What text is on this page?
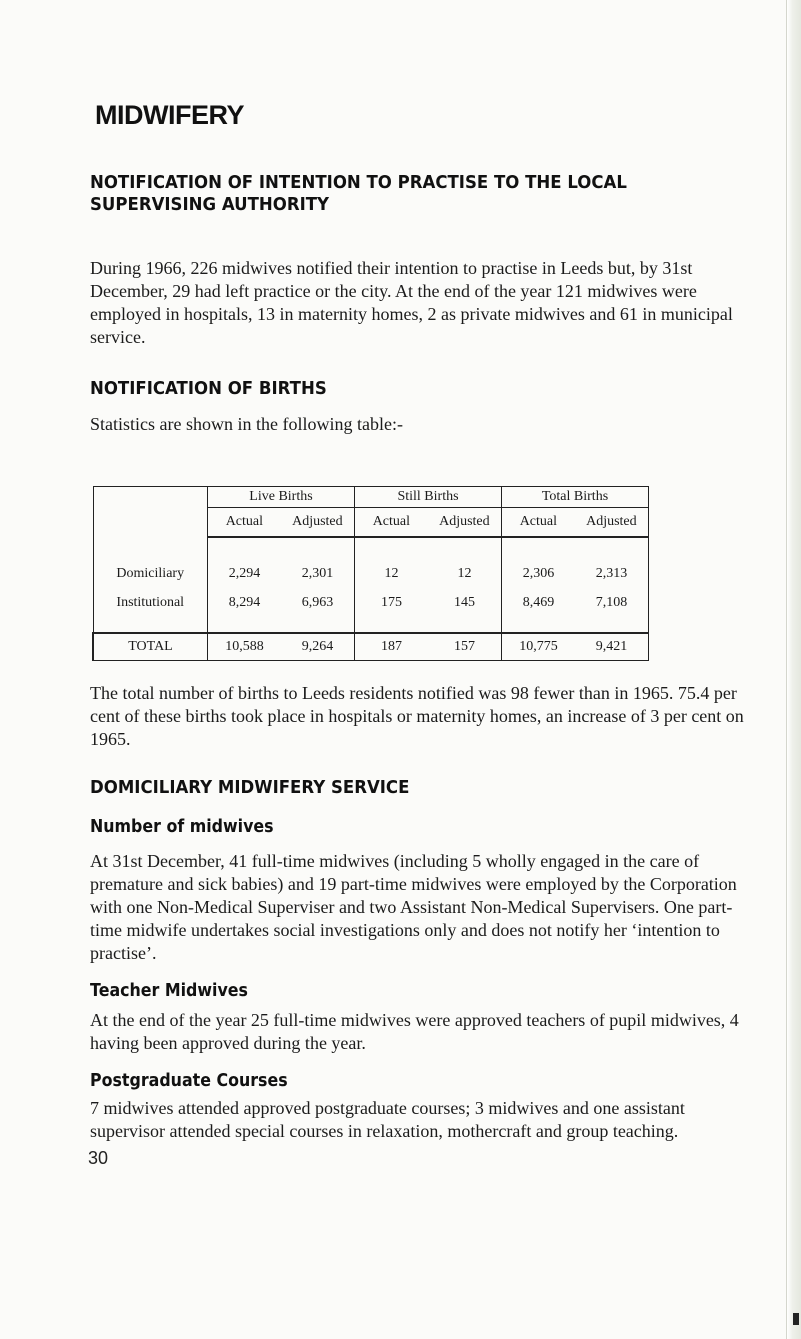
MIDWIFERY
NOTIFICATION OF INTENTION TO PRACTISE TO THE LOCAL SUPERVISING AUTHORITY

During 1966, 226 midwives notified their intention to practise in Leeds but, by 31st December, 29 had left practice or the city. At the end of the year 121 midwives were employed in hospitals, 13 in maternity homes, 2 as private midwives and 61 in municipal service.

NOTIFICATION OF BIRTHS

Statistics are shown in the following table:-

	Live Births	Still Births	Total Births

	Actual Adjusted	Actual Adjusted	Actual Adjusted

Domiciliary	2,294 2,301	12 12	2,306 2,313

Institutional	8,294 6,963	175 145	8,469 7,108

TOTAL	10,588 9,264	187 157	10,775 9,421

The total number of births to Leeds residents notified was 98 fewer than in 1965. 75.4 per cent of these births took place in hospitals or maternity homes, an increase of 3 per cent on 1965.

DOMICILIARY MIDWIFERY SERVICE
Number of midwives

At 31st December, 41 full-time midwives (including 5 wholly engaged in the care of premature and sick babies) and 19 part-time midwives were employed by the Corporation with one Non-Medical Superviser and two Assistant Non-Medical Supervisers. One part-time midwife undertakes social investigations only and does not notify her ‘intention to practise’.

Teacher Midwives

At the end of the year 25 full-time midwives were approved teachers of pupil midwives, 4 having been approved during the year.

Postgraduate Courses

7 midwives attended approved postgraduate courses; 3 midwives and one assistant supervisor attended special courses in relaxation, mothercraft and group teaching.

30
